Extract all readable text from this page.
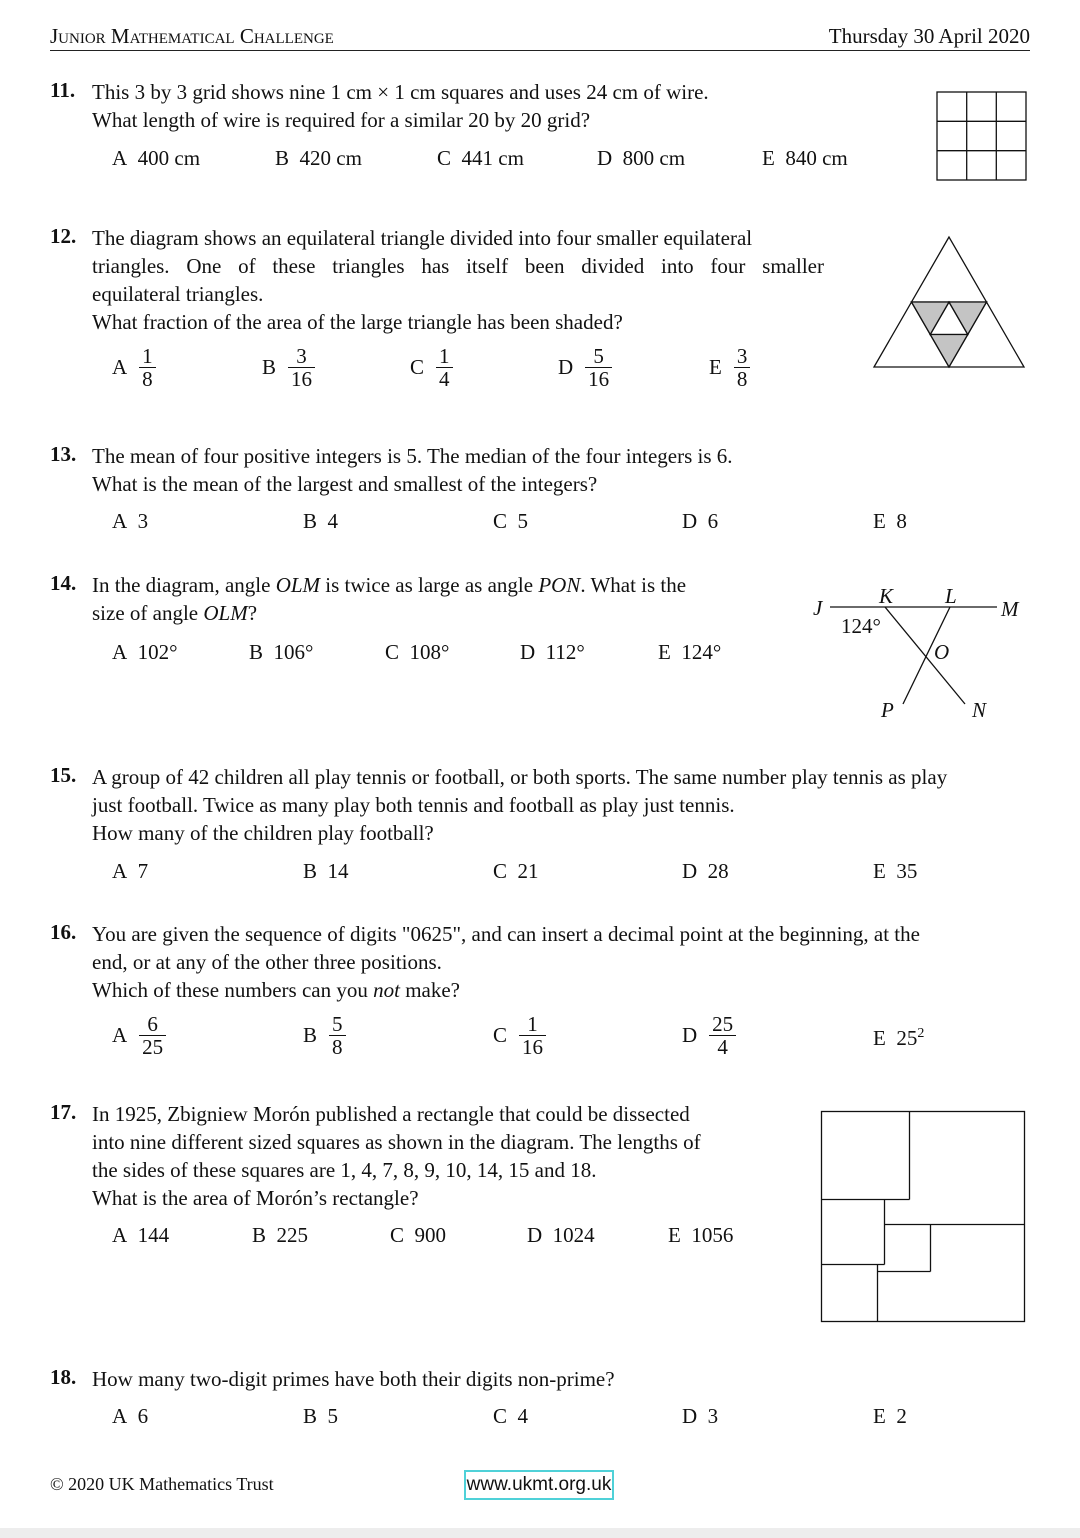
Junior Mathematical Challenge	Thursday 30 April 2020
11. This 3 by 3 grid shows nine 1 cm × 1 cm squares and uses 24 cm of wire.
What length of wire is required for a similar 20 by 20 grid?
A 400 cm	B 420 cm	C 441 cm	D 800 cm	E 840 cm
12. The diagram shows an equilateral triangle divided into four smaller equilateral
triangles. One of these triangles has itself been divided into four smaller
equilateral triangles.
What fraction of the area of the large triangle has been shaded?
A $\frac{1}{8}$	B $\frac{3}{16}$	C $\frac{1}{4}$	D $\frac{5}{16}$	E $\frac{3}{8}$
13. The mean of four positive integers is 5. The median of the four integers is 6.
What is the mean of the largest and smallest of the integers?
A 3	B 4	C 5	D 6	E 8
14. In the diagram, angle OLM is twice as large as angle PON. What is the
size of angle OLM?
A 102°	B 106°	C 108°	D 112°	E 124°
J	K L
M
O
P	N
124°
15. A group of 42 children all play tennis or football, or both sports. The same number play tennis as play
just football. Twice as many play both tennis and football as play just tennis.
How many of the children play football?
A 7	B 14	C 21	D 28	E 35
16. You are given the sequence of digits "0625", and can insert a decimal point at the beginning, at the
end, or at any of the other three positions.
Which of these numbers can you not make?
A $\frac{6}{25}$	B $\frac{5}{8}$	C $\frac{1}{16}$	D $\frac{25}{4}$	E $25^2$
17. In 1925, Zbigniew Morón published a rectangle that could be dissected
into nine different sized squares as shown in the diagram. The lengths of
the sides of these squares are 1, 4, 7, 8, 9, 10, 14, 15 and 18.
What is the area of Morón’s rectangle?
A 144	B 225	C 900	D 1024	E 1056
18. How many two-digit primes have both their digits non-prime?
A 6	B 5	C 4	D 3	E 2
© 2020 UK Mathematics Trust	www.ukmt.org.uk
